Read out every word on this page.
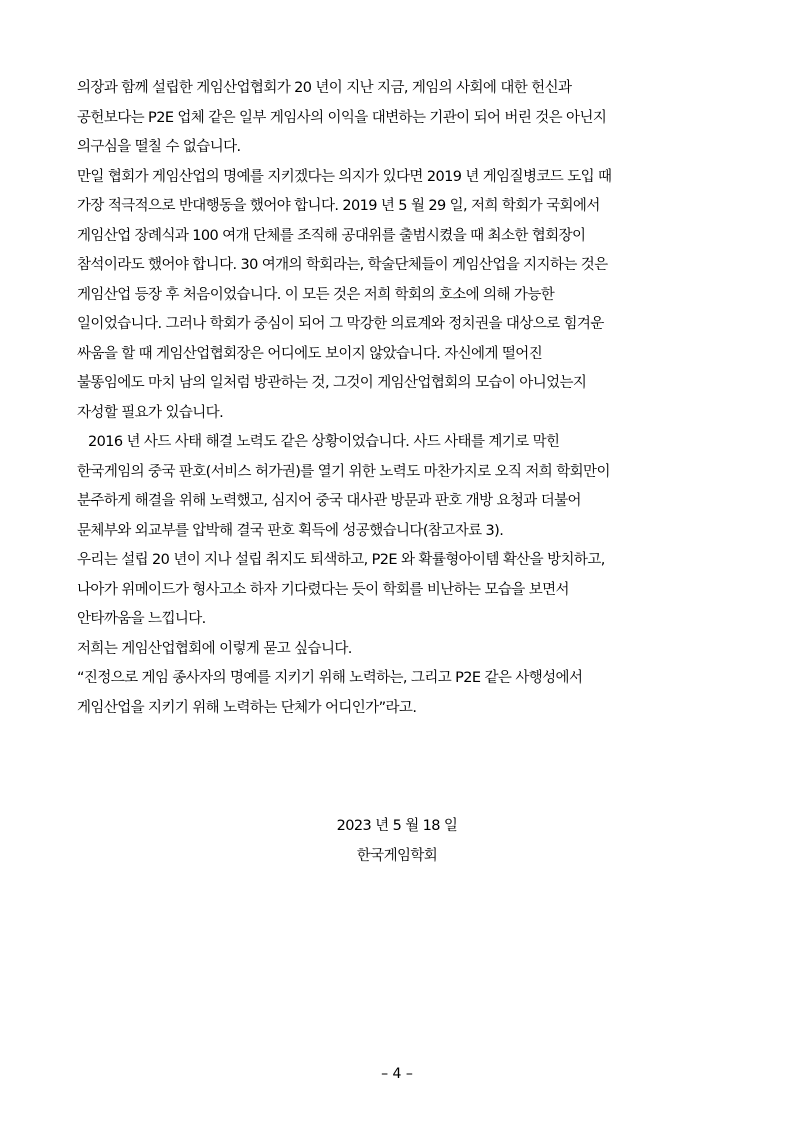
의장과 함께 설립한 게임산업협회가 20 년이 지난 지금, 게임의 사회에 대한 헌신과
공헌보다는 P2E 업체 같은 일부 게임사의 이익을 대변하는 기관이 되어 버린 것은 아닌지
의구심을 떨칠 수 없습니다.
만일 협회가 게임산업의 명예를 지키겠다는 의지가 있다면 2019 년 게임질병코드 도입 때
가장 적극적으로 반대행동을 했어야 합니다. 2019 년 5 월 29 일, 저희 학회가 국회에서
게임산업 장례식과 100 여개 단체를 조직해 공대위를 출범시켰을 때 최소한 협회장이
참석이라도 했어야 합니다. 30 여개의 학회라는, 학술단체들이 게임산업을 지지하는 것은
게임산업 등장 후 처음이었습니다. 이 모든 것은 저희 학회의 호소에 의해 가능한
일이었습니다. 그러나 학회가 중심이 되어 그 막강한 의료계와 정치권을 대상으로 힘겨운
싸움을 할 때 게임산업협회장은 어디에도 보이지 않았습니다. 자신에게 떨어진
불똥임에도 마치 남의 일처럼 방관하는 것, 그것이 게임산업협회의 모습이 아니었는지
자성할 필요가 있습니다.
2016 년 사드 사태 해결 노력도 같은 상황이었습니다. 사드 사태를 계기로 막힌
한국게임의 중국 판호(서비스 허가권)를 열기 위한 노력도 마찬가지로 오직 저희 학회만이
분주하게 해결을 위해 노력했고, 심지어 중국 대사관 방문과 판호 개방 요청과 더불어
문체부와 외교부를 압박해 결국 판호 획득에 성공했습니다(참고자료 3).
우리는 설립 20 년이 지나 설립 취지도 퇴색하고, P2E 와 확률형아이템 확산을 방치하고,
나아가 위메이드가 형사고소 하자 기다렸다는 듯이 학회를 비난하는 모습을 보면서
안타까움을 느낍니다.
저희는 게임산업협회에 이렇게 묻고 싶습니다.
“진정으로 게임 종사자의 명예를 지키기 위해 노력하는, 그리고 P2E 같은 사행성에서
게임산업을 지키기 위해 노력하는 단체가 어디인가”라고.
2023 년 5 월 18 일
한국게임학회
– 4 –
